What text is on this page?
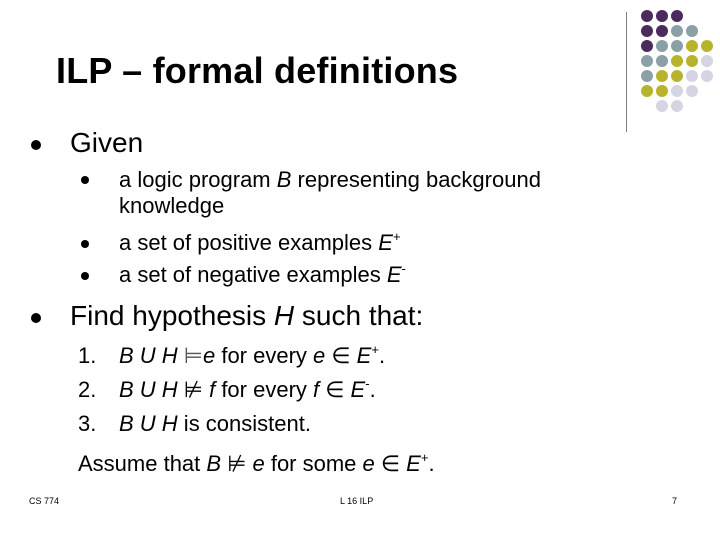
ILP – formal definitions
Given
a logic program B representing background
knowledge
a set of positive examples E+
a set of negative examples E-
Find hypothesis H such that:
1. B U H ⊨e for every e ∈ E+.
2. B U H ⊭ f for every f ∈ E-.
3. B U H is consistent.
Assume that B ⊭ e for some e ∈ E+.
CS 774	L 16 ILP	7
